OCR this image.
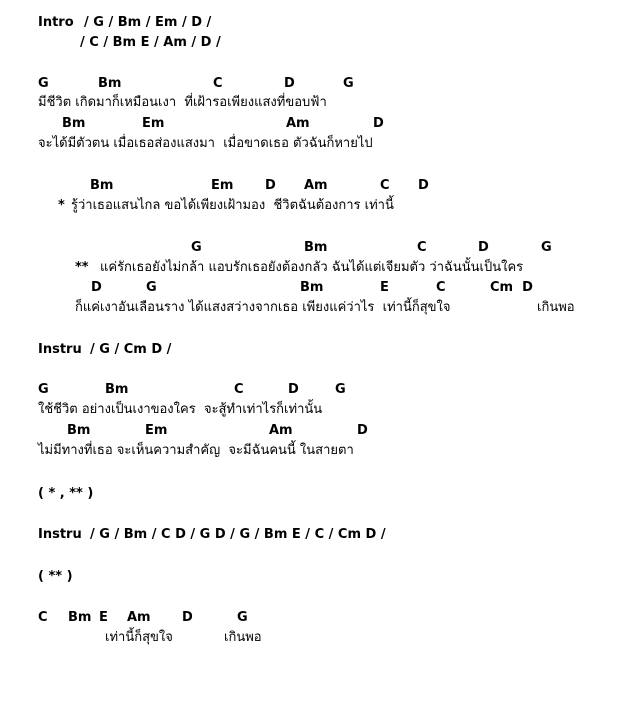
Intro

/ G / Bm / Em / D /

/ C / Bm E / Am / D /

G

	Bm

	C

	D

	G

มีชีวิต เกิดมาก็เหมือนเงา  ที่เฝ้ารอเพียงแสงที่ขอบฟ้า

Bm

	Em

	Am

	D

จะได้มีตัวตน เมื่อเธอส่องแสงมา  เมื่อขาดเธอ ตัวฉันก็หายไป

Bm

	Em

D

Am

	C

D

*

รู้ว่าเธอแสนไกล ขอได้เพียงเฝ้ามอง  ชีวิตฉันต้องการ เท่านี้

G

	Bm

	C

	D

	G

**

แค่รักเธอยังไม่กล้า แอบรักเธอยังต้องกลัว ฉันได้แต่เจียมตัว ว่าฉันนั้นเป็นใคร

D

	G

	Bm

	E

	C

	Cm  D

ก็แค่เงาอันเลือนราง ได้แสงสว่างจากเธอ เพียงแค่ว่าไร  เท่านี้ก็สุขใจ

	เกินพอ

Instru

/ G / Cm D /

G

	Bm

	C

	D

	G

ใช้ชีวิต อย่างเป็นเงาของใคร  จะสู้ทำเท่าไรก็เท่านั้น

Bm

	Em

	Am

	D

ไม่มีทางที่เธอ จะเห็นความสำคัญ  จะมีฉันคนนี้ ในสายตา
( * , ** )

Instru

/ G / Bm / C D / G D / G / Bm E / C / Cm D /

( ** )

C

Bm

E

Am

D

	G

เท่านี้ก็สุขใจ

	เกินพอ
